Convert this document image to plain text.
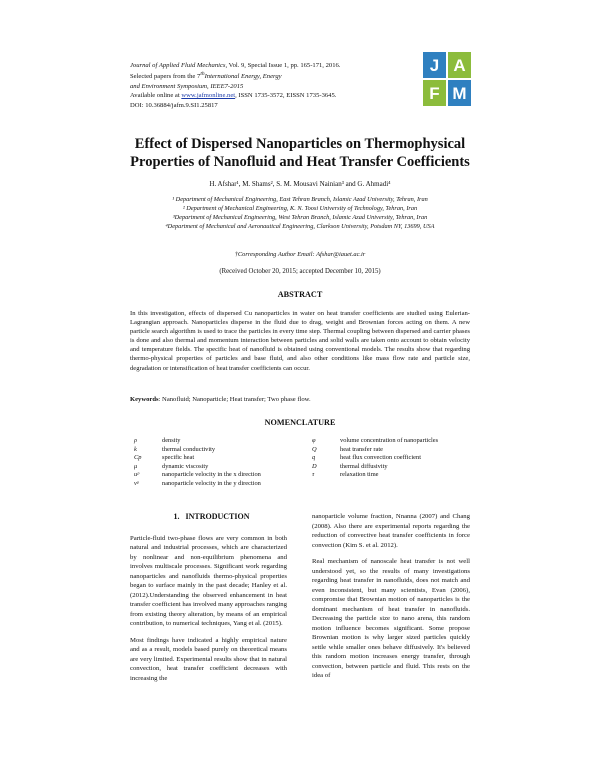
Journal of Applied Fluid Mechanics, Vol. 9, Special Issue 1, pp. 165-171, 2016.
Selected papers from the 7thInternational Energy, Energy
and Environment Symposium, IEEE7-2015
Available online at www.jafmonline.net, ISSN 1735-3572, EISSN 1735-3645.
DOI: 10.36884/jafm.9.SI1.25817
J A
F M
Effect of Dispersed Nanoparticles on Thermophysical
Properties of Nanofluid and Heat Transfer Coefficients
H. Afshar¹, M. Shams², S. M. Mousavi Nainian³ and G. Ahmadi⁴
¹ Department of Mechanical Engineering, East Tehran Branch, Islamic Azad University, Tehran, Iran
² Department of Mechanical Engineering, K. N. Toosi University of Technology, Tehran, Iran
³Department of Mechanical Engineering, West Tehran Branch, Islamic Azad University, Tehran, Iran
⁴Department of Mechanical and Aeronautical Engineering, Clarkson University, Potsdam NY, 13699, USA
†Corresponding Author Email: Afshar@iauet.ac.ir
(Received October 20, 2015; accepted December 10, 2015)
ABSTRACT
In this investigation, effects of dispersed Cu nanoparticles in water on heat transfer coefficients are studied using Eulerian-Lagrangian approach. Nanoparticles disperse in the fluid due to drag, weight and Brownian forces acting on them. A new particle search algorithm is used to trace the particles in every time step. Thermal coupling between dispersed and carrier phases is done and also thermal and momentum interaction between particles and solid walls are taken onto account to obtain velocity and temperature fields. The specific heat of nanofluid is obtained using conventional models. The results show that regarding thermo-physical properties of particles and base fluid, and also other conditions like mass flow rate and particle size, degradation or intensification of heat transfer coefficients can occur.
Keywords: Nanofluid; Nanoparticle; Heat transfer; Two phase flow.
NOMENCLATURE
ρ	density
k	thermal conductivity
Cp	specific heat
μ	dynamic viscosity
uᵖ	nanoparticle velocity in the x direction
vᵖ	nanoparticle velocity in the y direction
φ	volume concentration of nanoparticles
Q	heat transfer rate
q	heat flux convection coefficient
D	thermal diffusivity
τ	relaxation time
1. INTRODUCTION

Particle-fluid two-phase flows are very common in both natural and industrial processes, which are characterized by nonlinear and non-equilibrium phenomena and involves multiscale processes. Significant work regarding nanoparticles and nanofluids thermo-physical properties began to surface mainly in the past decade; Hanley et al. (2012).Understanding the observed enhancement in heat transfer coefficient has involved many approaches ranging from existing theory alteration, by means of an empirical contribution, to numerical techniques, Yang et al. (2015).

Most findings have indicated a highly empirical nature and as a result, models based purely on theoretical means are very limited. Experimental results show that in natural convection, heat transfer coefficient decreases with increasing the

nanoparticle volume fraction, Nnanna (2007) and Chang (2008). Also there are experimental reports regarding the reduction of convective heat transfer coefficients in force convection (Kim S. et al. 2012).

Real mechanism of nanoscale heat transfer is not well understood yet, so the results of many investigations regarding heat transfer in nanofluids, does not match and even inconsistent, but many scientists, Evan (2006), compromise that Brownian motion of nanoparticles is the dominant mechanism of heat transfer in nanofluids. Decreasing the particle size to nano arena, this random motion influence becomes significant. Some propose Brownian motion is why larger sized particles quickly settle while smaller ones behave diffusively. It's believed this random motion increases energy transfer, through convection, between particle and fluid. This rests on the idea of
